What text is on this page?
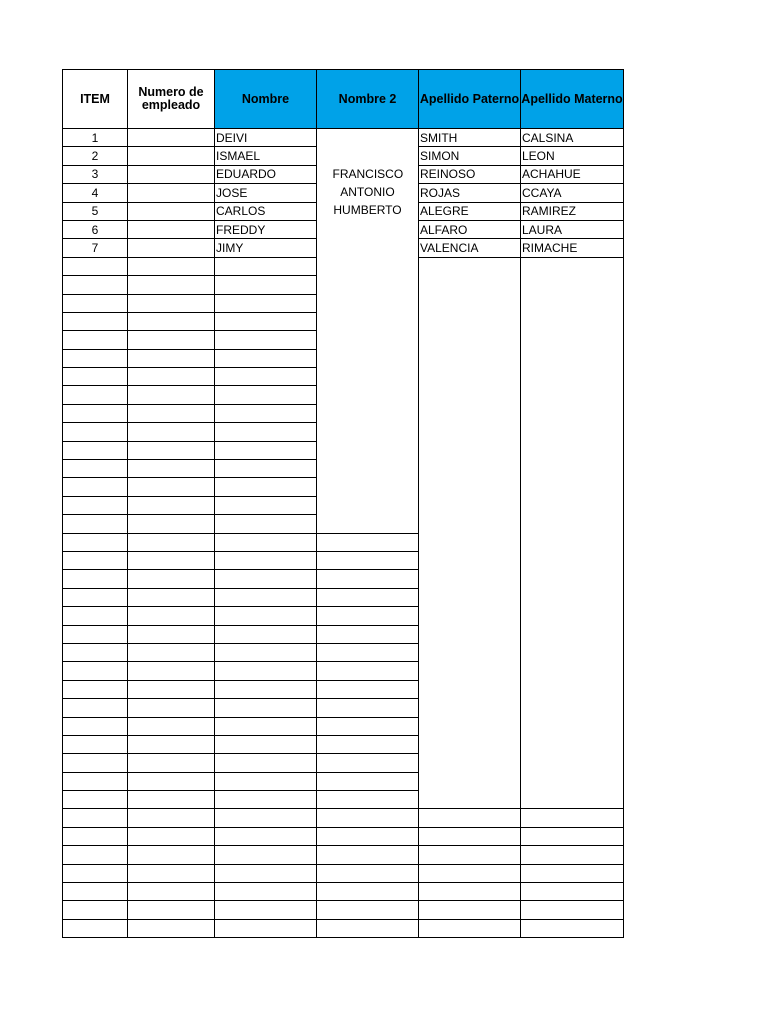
ITEM	Numero de empleado	Nombre	Nombre 2	Apellido Paterno	Apellido Materno
1		DEIVI	FRANCISCO ANTONIO HUMBERTO	SMITH	CALSINA
2		ISMAEL		SIMON	LEON
3		EDUARDO		REINOSO	ACHAHUE
4		JOSE		ROJAS	CCAYA
5		CARLOS		ALEGRE	RAMIREZ
6		FREDDY		ALFARO	LAURA
7		JIMY		VALENCIA	RIMACHE
